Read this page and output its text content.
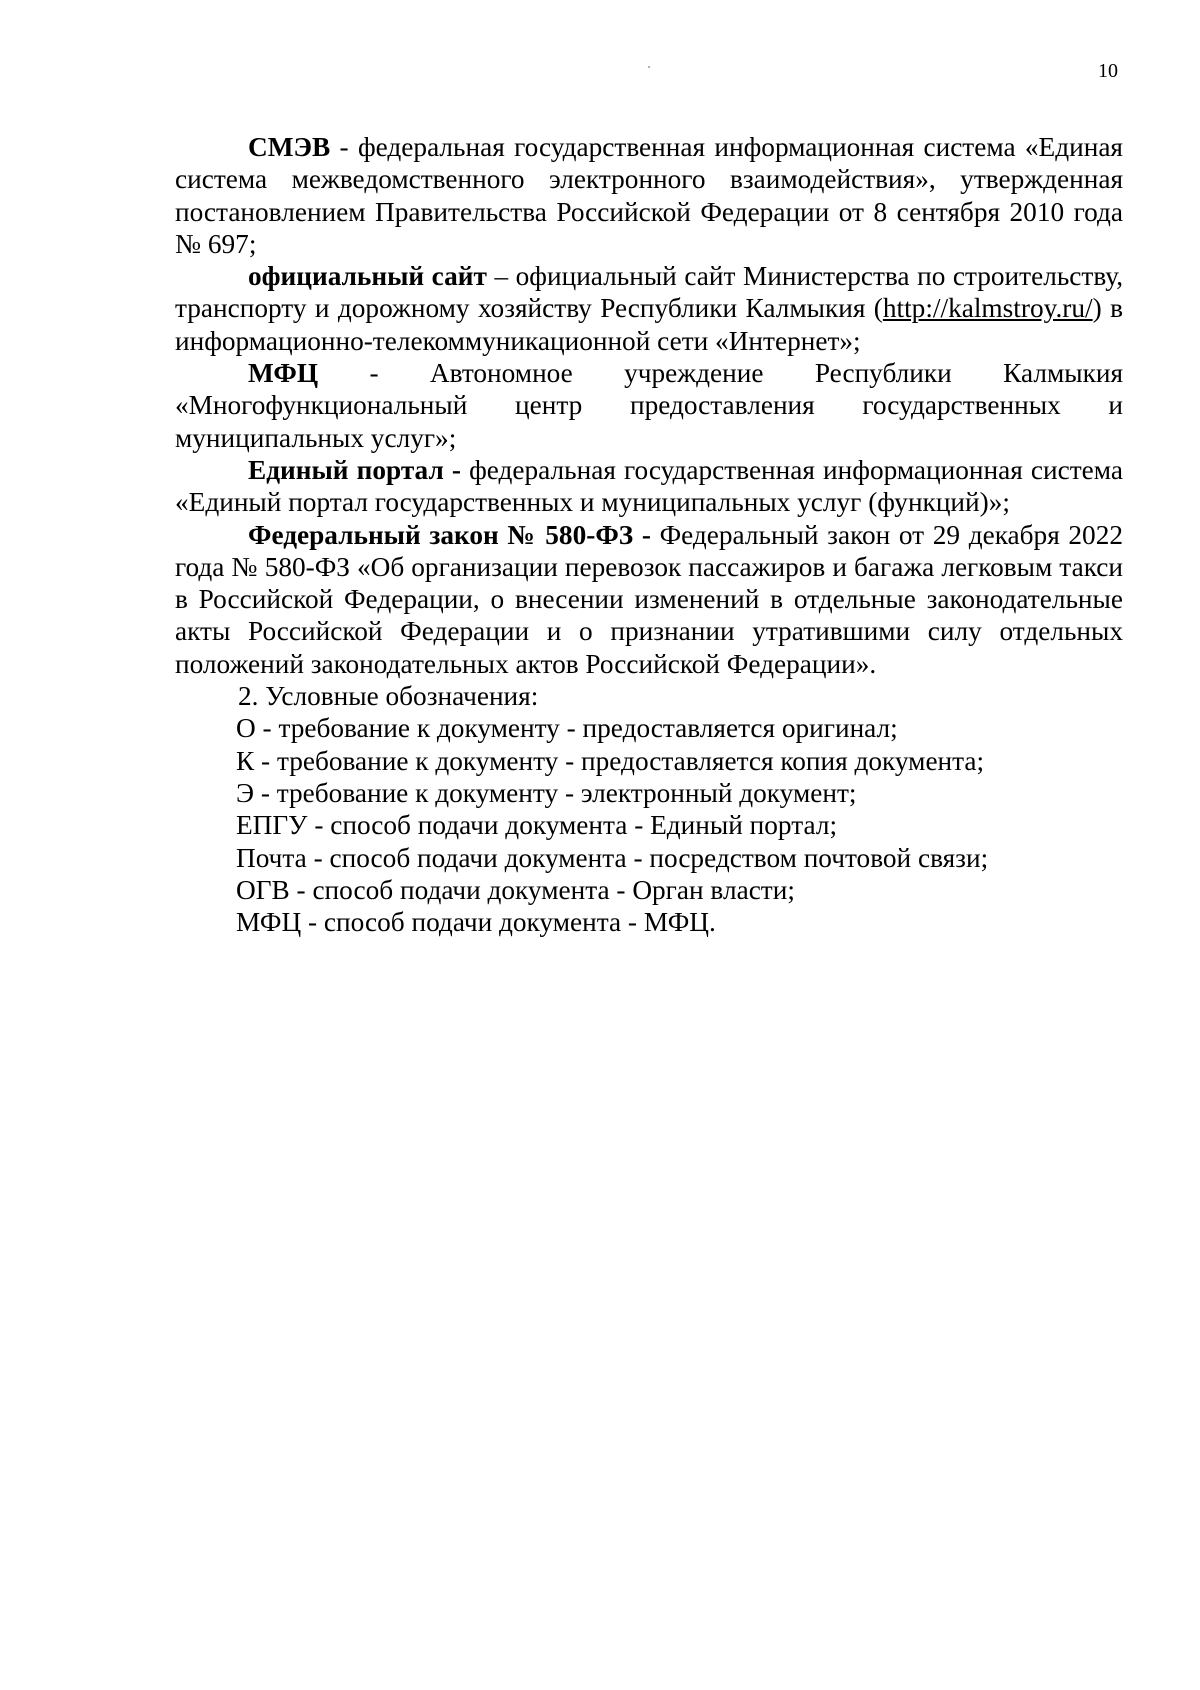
10

СМЭВ - федеральная государственная информационная система «Единая система межведомственного электронного взаимодействия», утвержденная постановлением Правительства Российской Федерации от 8 сентября 2010 года № 697;

официальный сайт – официальный сайт Министерства по строительству, транспорту и дорожному хозяйству Республики Калмыкия (http://kalmstroy.ru/) в информационно-телекоммуникационной сети «Интернет»;

МФЦ - Автономное учреждение Республики Калмыкия «Многофункциональный центр предоставления государственных и муниципальных услуг»;

Единый портал - федеральная государственная информационная система «Единый портал государственных и муниципальных услуг (функций)»;

Федеральный закон № 580-ФЗ - Федеральный закон от 29 декабря 2022 года № 580-ФЗ «Об организации перевозок пассажиров и багажа легковым такси в Российской Федерации, о внесении изменений в отдельные законодательные акты Российской Федерации и о признании утратившими силу отдельных положений законодательных актов Российской Федерации».

2. Условные обозначения:

О - требование к документу - предоставляется оригинал;

К - требование к документу - предоставляется копия документа;

Э - требование к документу - электронный документ;

ЕПГУ - способ подачи документа - Единый портал;

Почта - способ подачи документа - посредством почтовой связи;

ОГВ - способ подачи документа - Орган власти;

МФЦ - способ подачи документа - МФЦ.
